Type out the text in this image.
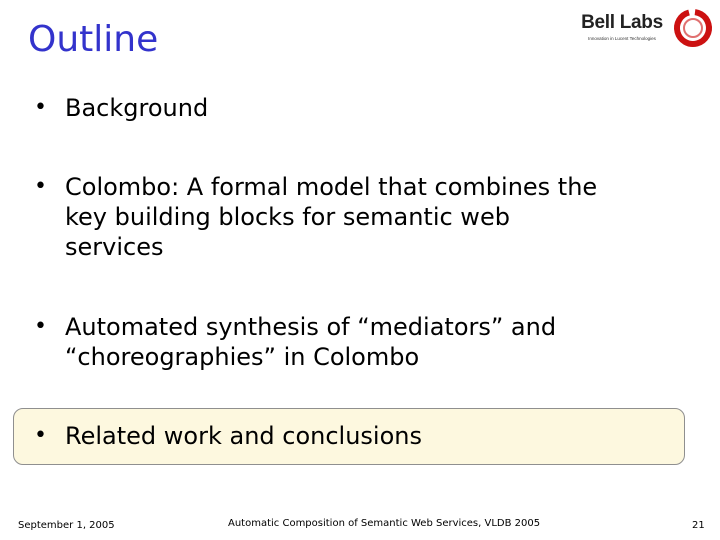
Outline	Bell Labs
Innovation in Lucent Technologies
• Background
• Colombo: A formal model that combines the
key building blocks for semantic web
services
• Automated synthesis of “mediators” and
“choreographies” in Colombo
• Related work and conclusions
September 1, 2005	Automatic Composition of Semantic Web Services, VLDB 2005	21
